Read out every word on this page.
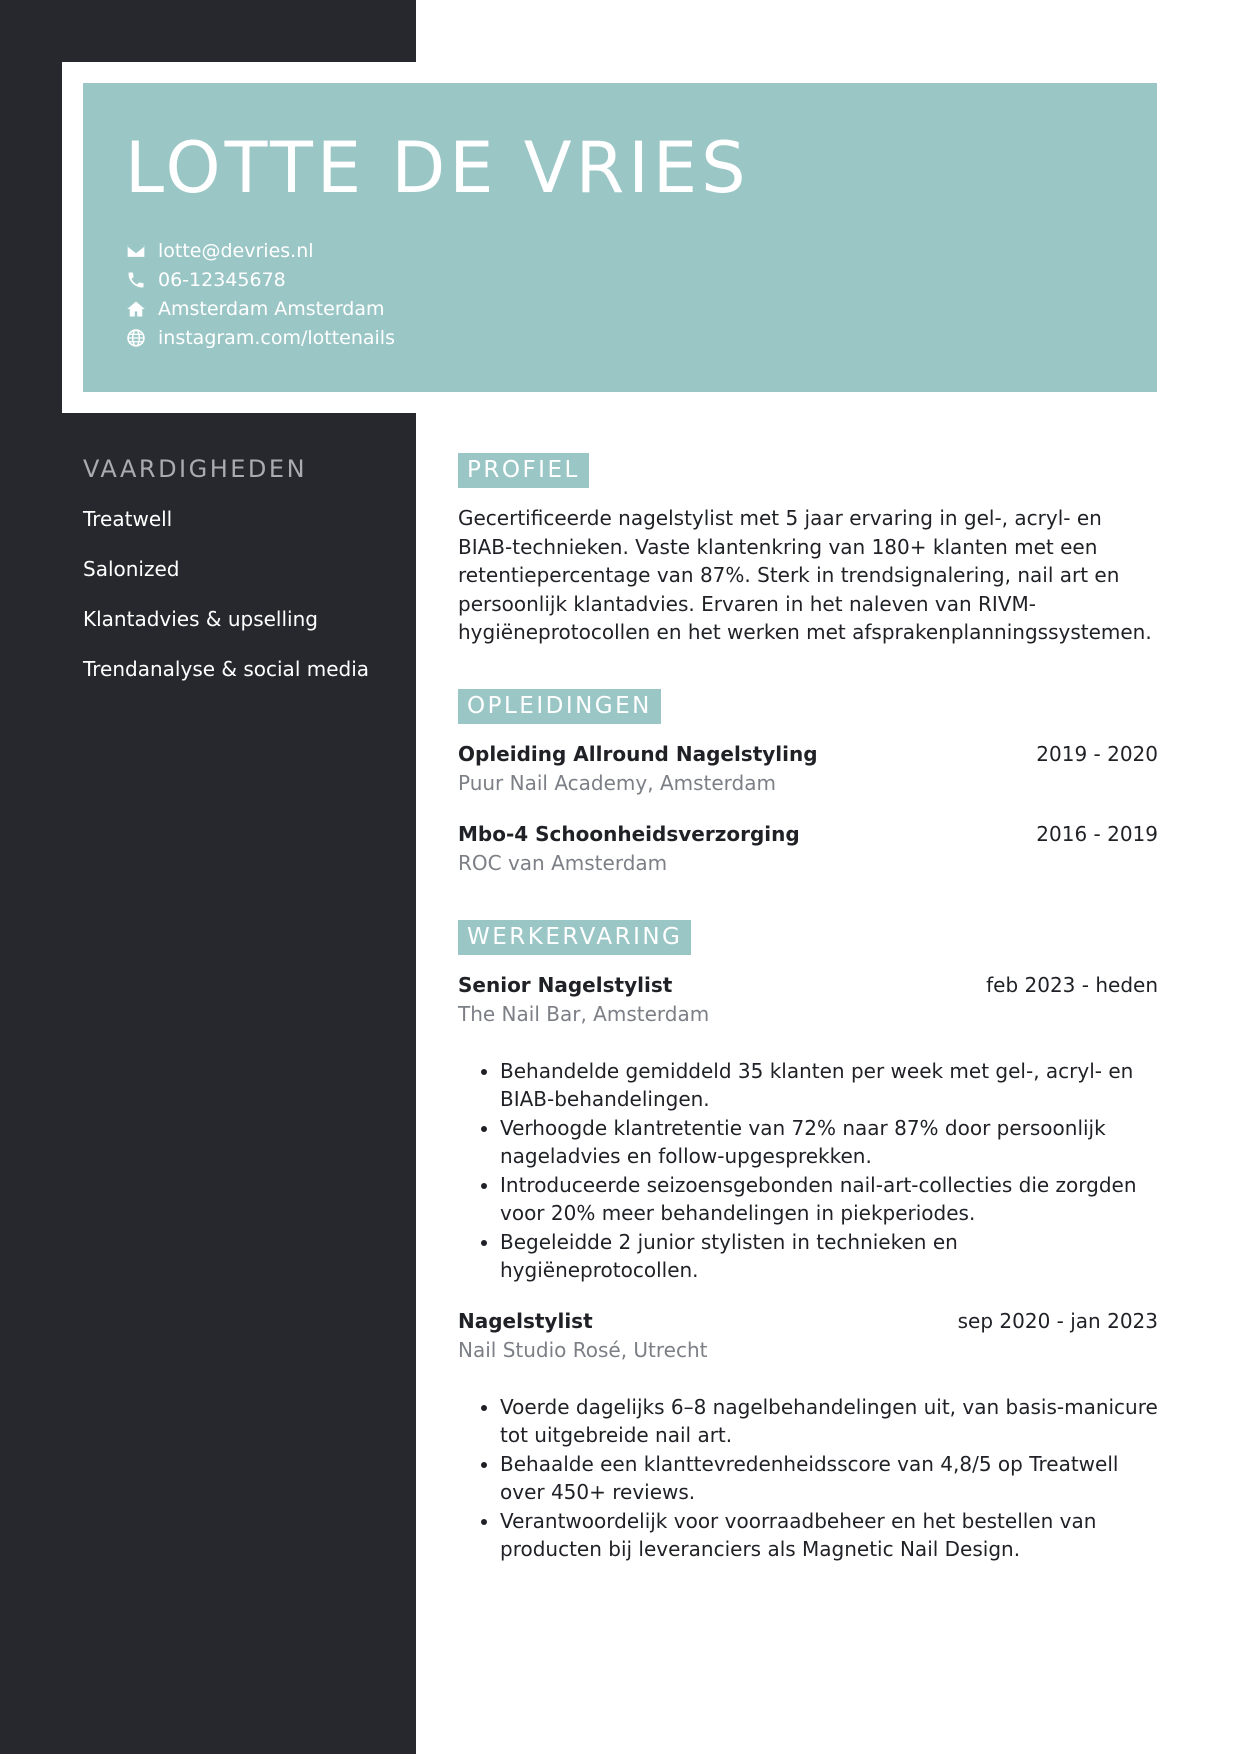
LOTTE DE VRIES
lotte@devries.nl
06-12345678
Amsterdam Amsterdam
instagram.com/lottenails
VAARDIGHEDEN
Treatwell
Salonized
Klantadvies & upselling
Trendanalyse & social media
PROFIEL

Gecertificeerde nagelstylist met 5 jaar ervaring in gel-, acryl- en BIAB-technieken. Vaste klantenkring van 180+ klanten met een retentiepercentage van 87%. Sterk in trendsignalering, nail art en persoonlijk klantadvies. Ervaren in het naleven van RIVM-hygiëneprotocollen en het werken met afsprakenplanningssystemen.

OPLEIDINGEN
Opleiding Allround Nagelstyling	2019 - 2020
Puur Nail Academy, Amsterdam
Mbo-4 Schoonheidsverzorging	2016 - 2019
ROC van Amsterdam
WERKERVARING
Senior Nagelstylist	feb 2023 - heden
The Nail Bar, Amsterdam
• Behandelde gemiddeld 35 klanten per week met gel-, acryl- en BIAB-behandelingen.
• Verhoogde klantretentie van 72% naar 87% door persoonlijk nageladvies en follow-upgesprekken.
• Introduceerde seizoensgebonden nail-art-collecties die zorgden voor 20% meer behandelingen in piekperiodes.
• Begeleidde 2 junior stylisten in technieken en hygiëneprotocollen.
Nagelstylist	sep 2020 - jan 2023
Nail Studio Rosé, Utrecht
• Voerde dagelijks 6–8 nagelbehandelingen uit, van basis-manicure tot uitgebreide nail art.
• Behaalde een klanttevredenheidsscore van 4,8/5 op Treatwell over 450+ reviews.
• Verantwoordelijk voor voorraadbeheer en het bestellen van producten bij leveranciers als Magnetic Nail Design.
